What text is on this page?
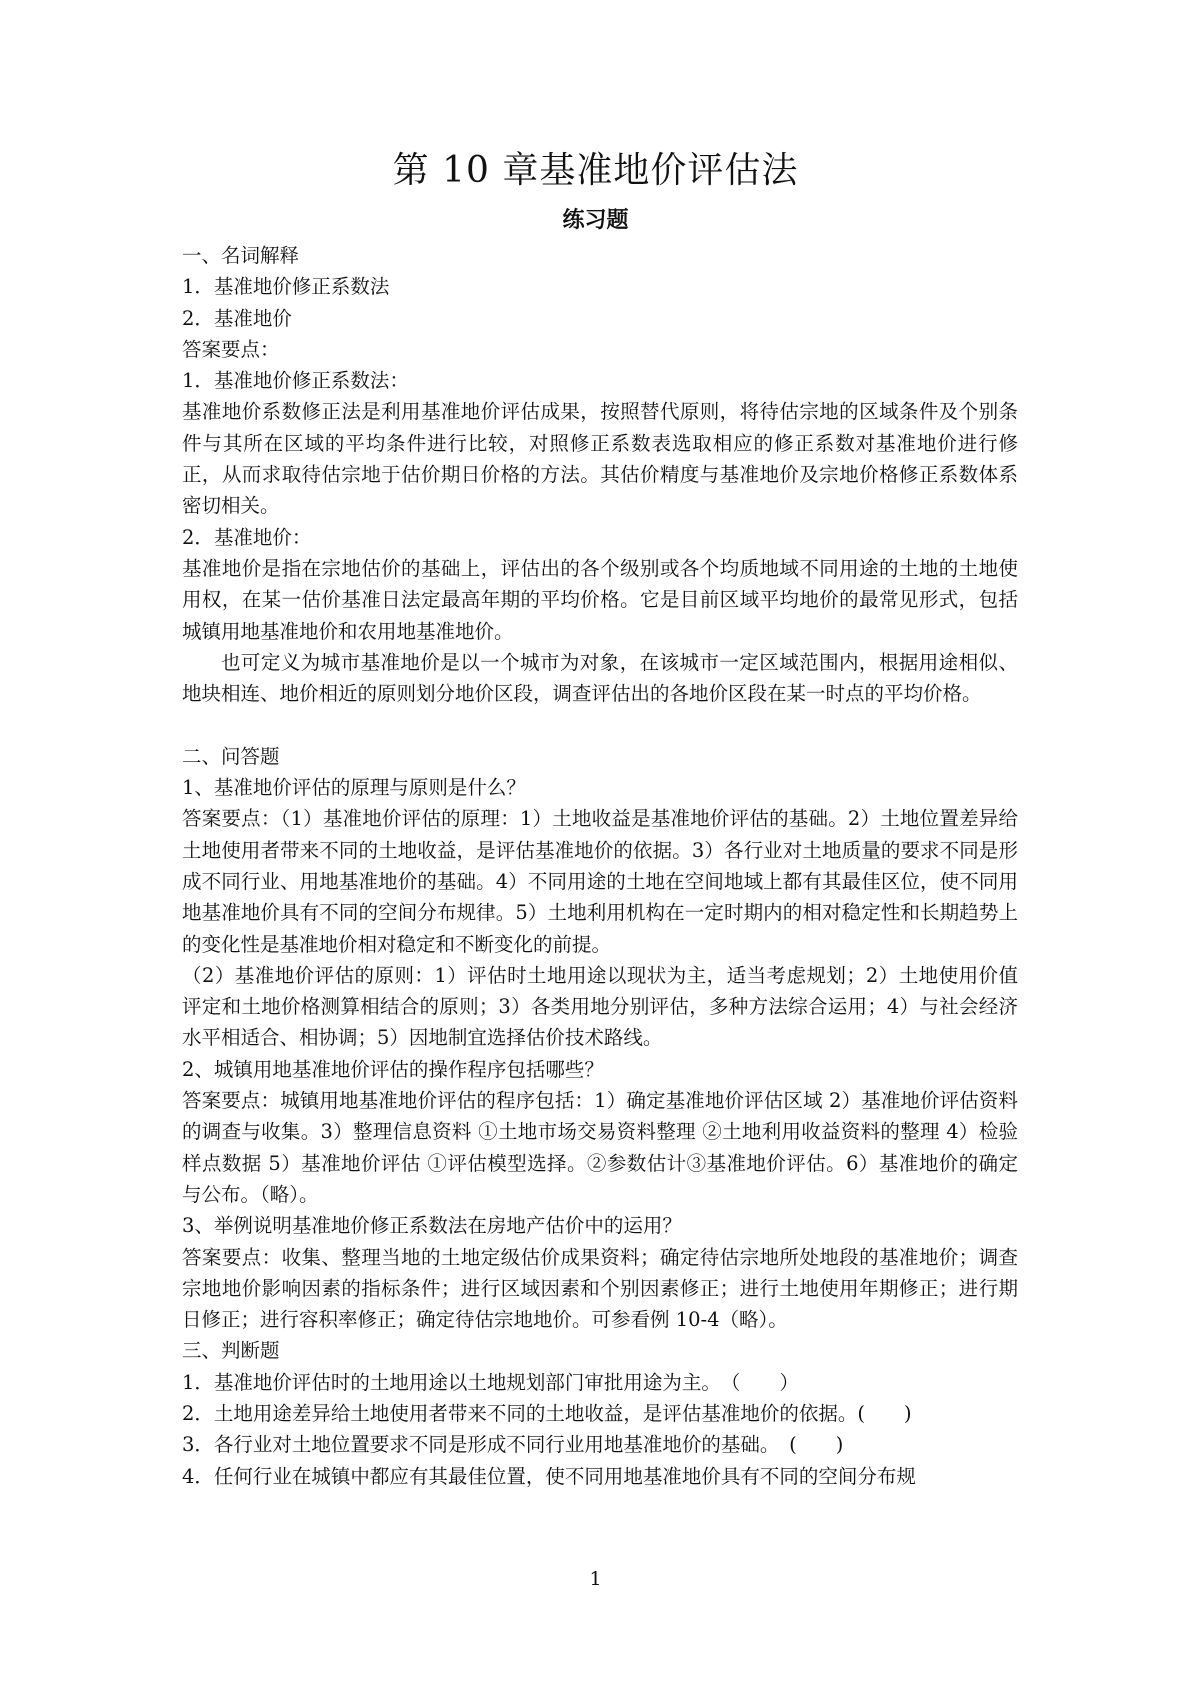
第 10 章基准地价评估法
练习题

一、名词解释

1．基准地价修正系数法

2．基准地价

答案要点：

1．基准地价修正系数法：

基准地价系数修正法是利用基准地价评估成果，按照替代原则，将待估宗地的区域条件及个别条件与其所在区域的平均条件进行比较，对照修正系数表选取相应的修正系数对基准地价进行修正，从而求取待估宗地于估价期日价格的方法。其估价精度与基准地价及宗地价格修正系数体系密切相关。

2．基准地价：

基准地价是指在宗地估价的基础上，评估出的各个级别或各个均质地域不同用途的土地的土地使用权，在某一估价基准日法定最高年期的平均价格。它是目前区域平均地价的最常见形式，包括城镇用地基准地价和农用地基准地价。

也可定义为城市基准地价是以一个城市为对象，在该城市一定区域范围内，根据用途相似、地块相连、地价相近的原则划分地价区段，调查评估出的各地价区段在某一时点的平均价格。

二、问答题

1、基准地价评估的原理与原则是什么？

答案要点：（1）基准地价评估的原理：1）土地收益是基准地价评估的基础。2）土地位置差异给土地使用者带来不同的土地收益，是评估基准地价的依据。3）各行业对土地质量的要求不同是形成不同行业、用地基准地价的基础。4）不同用途的土地在空间地域上都有其最佳区位，使不同用地基准地价具有不同的空间分布规律。5）土地利用机构在一定时期内的相对稳定性和长期趋势上的变化性是基准地价相对稳定和不断变化的前提。

（2）基准地价评估的原则：1）评估时土地用途以现状为主，适当考虑规划；2）土地使用价值评定和土地价格测算相结合的原则；3）各类用地分别评估，多种方法综合运用；4）与社会经济水平相适合、相协调；5）因地制宜选择估价技术路线。

2、城镇用地基准地价评估的操作程序包括哪些？

答案要点：城镇用地基准地价评估的程序包括：1）确定基准地价评估区域 2）基准地价评估资料的调查与收集。3）整理信息资料 ①土地市场交易资料整理 ②土地利用收益资料的整理 4）检验样点数据 5）基准地价评估 ①评估模型选择。②参数估计③基准地价评估。6）基准地价的确定与公布。（略）。

3、举例说明基准地价修正系数法在房地产估价中的运用？

答案要点：收集、整理当地的土地定级估价成果资料；确定待估宗地所处地段的基准地价；调查宗地地价影响因素的指标条件；进行区域因素和个别因素修正；进行土地使用年期修正；进行期日修正；进行容积率修正；确定待估宗地地价。可参看例 10-4（略）。

三、判断题

1．基准地价评估时的土地用途以土地规划部门审批用途为主。　（　　）

2．土地用途差异给土地使用者带来不同的土地收益，是评估基准地价的依据。(　　)

3．各行业对土地位置要求不同是形成不同行业用地基准地价的基础。　(　　)

4．任何行业在城镇中都应有其最佳位置，使不同用地基准地价具有不同的空间分布规

1
